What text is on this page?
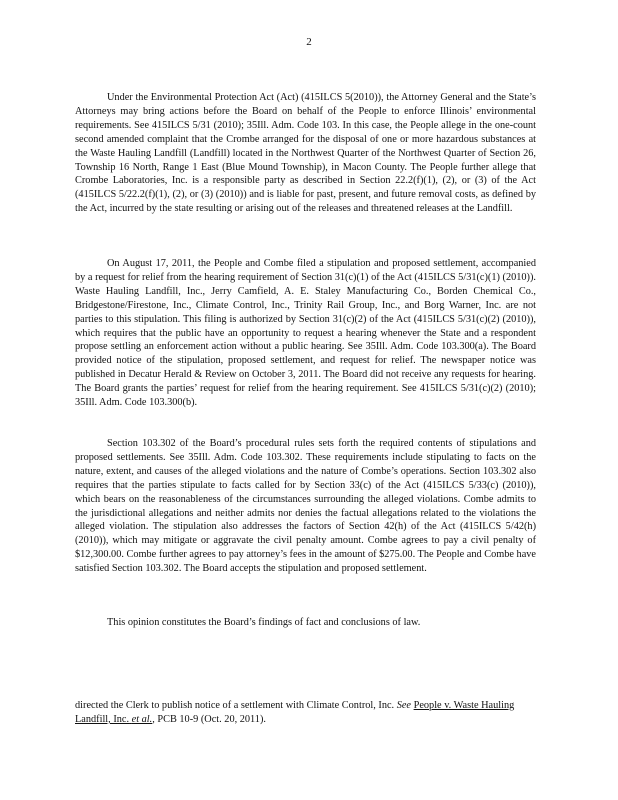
2

Under the Environmental Protection Act (Act) (415ILCS 5(2010)), the Attorney General and the State’s Attorneys may bring actions before the Board on behalf of the People to enforce Illinois’ environmental requirements. See 415ILCS 5/31 (2010); 35Ill. Adm. Code 103. In this case, the People allege in the one-count second amended complaint that the Crombe arranged for the disposal of one or more hazardous substances at the Waste Hauling Landfill (Landfill) located in the Northwest Quarter of the Northwest Quarter of Section 26, Township 16 North, Range 1 East (Blue Mound Township), in Macon County. The People further allege that Crombe Laboratories, Inc. is a responsible party as described in Section 22.2(f)(1), (2), or (3) of the Act (415ILCS 5/22.2(f)(1), (2), or (3) (2010)) and is liable for past, present, and future removal costs, as defined by the Act, incurred by the state resulting or arising out of the releases and threatened releases at the Landfill.

On August 17, 2011, the People and Combe filed a stipulation and proposed settlement, accompanied by a request for relief from the hearing requirement of Section 31(c)(1) of the Act (415ILCS 5/31(c)(1) (2010)). Waste Hauling Landfill, Inc., Jerry Camfield, A. E. Staley Manufacturing Co., Borden Chemical Co., Bridgestone/Firestone, Inc., Climate Control, Inc., Trinity Rail Group, Inc., and Borg Warner, Inc. are not parties to this stipulation. This filing is authorized by Section 31(c)(2) of the Act (415ILCS 5/31(c)(2) (2010)), which requires that the public have an opportunity to request a hearing whenever the State and a respondent propose settling an enforcement action without a public hearing. See 35Ill. Adm. Code 103.300(a). The Board provided notice of the stipulation, proposed settlement, and request for relief. The newspaper notice was published in Decatur Herald & Review on October 3, 2011. The Board did not receive any requests for hearing. The Board grants the parties’ request for relief from the hearing requirement. See 415ILCS 5/31(c)(2) (2010); 35Ill. Adm. Code 103.300(b).

Section 103.302 of the Board’s procedural rules sets forth the required contents of stipulations and proposed settlements. See 35Ill. Adm. Code 103.302. These requirements include stipulating to facts on the nature, extent, and causes of the alleged violations and the nature of Combe’s operations. Section 103.302 also requires that the parties stipulate to facts called for by Section 33(c) of the Act (415ILCS 5/33(c) (2010)), which bears on the reasonableness of the circumstances surrounding the alleged violations. Combe admits to the jurisdictional allegations and neither admits nor denies the factual allegations related to the violations the alleged violation. The stipulation also addresses the factors of Section 42(h) of the Act (415ILCS 5/42(h) (2010)), which may mitigate or aggravate the civil penalty amount. Combe agrees to pay a civil penalty of $12,300.00. Combe further agrees to pay attorney’s fees in the amount of $275.00. The People and Combe have satisfied Section 103.302. The Board accepts the stipulation and proposed settlement.

This opinion constitutes the Board’s findings of fact and conclusions of law.

directed the Clerk to publish notice of a settlement with Climate Control, Inc. See People v. Waste Hauling Landfill, Inc. et al., PCB 10-9 (Oct. 20, 2011).
